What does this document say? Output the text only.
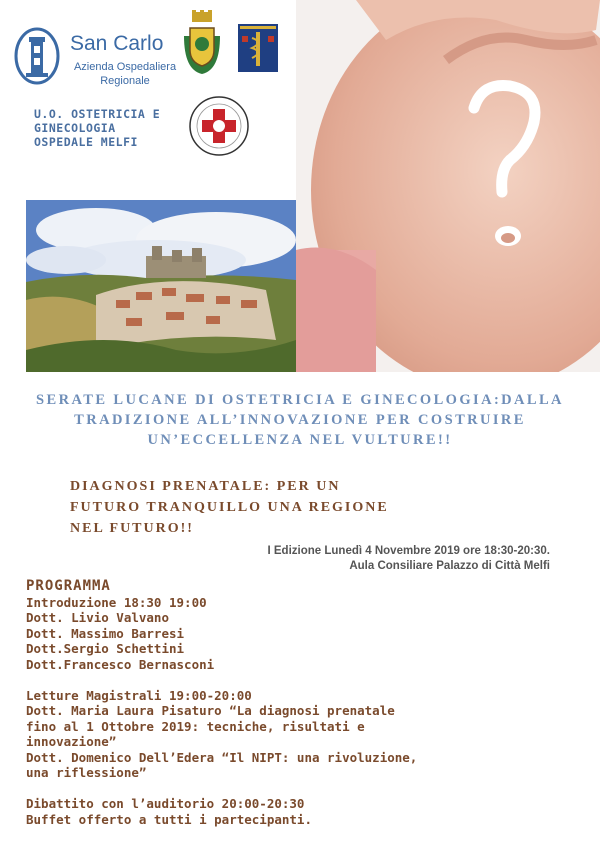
San Carlo
Azienda Ospedaliera
Regionale
U.O. OSTETRICIA E
GINECOLOGIA
OSPEDALE MELFI
SERATE LUCANE DI OSTETRICIA E GINECOLOGIA:DALLA
TRADIZIONE ALL’INNOVAZIONE PER COSTRUIRE
UN’ECCELLENZA NEL VULTURE!!
DIAGNOSI PRENATALE: PER UN
FUTURO TRANQUILLO UNA REGIONE
NEL FUTURO!!
I Edizione Lunedì 4 Novembre 2019 ore 18:30-20:30.
Aula Consiliare Palazzo di Città Melfi
PROGRAMMA
Introduzione 18:30 19:00
Dott. Livio Valvano
Dott. Massimo Barresi
Dott.Sergio Schettini
Dott.Francesco Bernasconi
Letture Magistrali 19:00-20:00
Dott. Maria Laura Pisaturo “La diagnosi prenatale
fino al 1 Ottobre 2019: tecniche, risultati e
innovazione”
Dott. Domenico Dell’Edera “Il NIPT: una rivoluzione,
una riflessione”
Dibattito con l’auditorio 20:00-20:30
Buffet offerto a tutti i partecipanti.
